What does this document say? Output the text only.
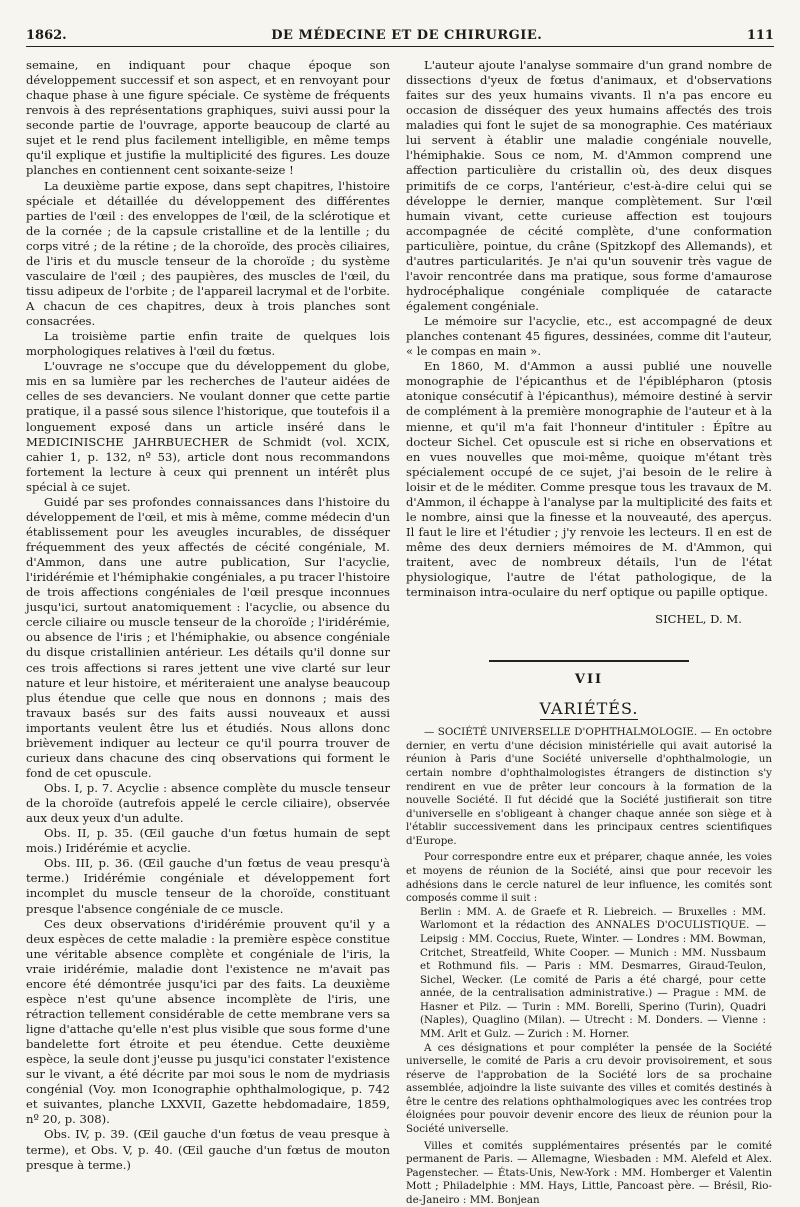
1862.	DE MÉDECINE ET DE CHIRURGIE.	111

semaine, en indiquant pour chaque époque son développement successif et son aspect, et en renvoyant pour chaque phase à une figure spéciale. Ce système de fréquents renvois à des représentations graphiques, suivi aussi pour la seconde partie de l'ouvrage, apporte beaucoup de clarté au sujet et le rend plus facilement intelligible, en même temps qu'il explique et justifie la multiplicité des figures. Les douze planches en contiennent cent soixante-seize !

La deuxième partie expose, dans sept chapitres, l'histoire spéciale et détaillée du développement des différentes parties de l'œil : des enveloppes de l'œil, de la sclérotique et de la cornée ; de la capsule cristalline et de la lentille ; du corps vitré ; de la rétine ; de la choroïde, des procès ciliaires, de l'iris et du muscle tenseur de la choroïde ; du système vasculaire de l'œil ; des paupières, des muscles de l'œil, du tissu adipeux de l'orbite ; de l'appareil lacrymal et de l'orbite. A chacun de ces chapitres, deux à trois planches sont consacrées.

La troisième partie enfin traite de quelques lois morphologiques relatives à l'œil du fœtus.

L'ouvrage ne s'occupe que du développement du globe, mis en sa lumière par les recherches de l'auteur aidées de celles de ses devanciers. Ne voulant donner que cette partie pratique, il a passé sous silence l'historique, que toutefois il a longuement exposé dans un article inséré dans le MEDICINISCHE JAHRBUECHER de Schmidt (vol. XCIX, cahier 1, p. 132, nº 53), article dont nous recommandons fortement la lecture à ceux qui prennent un intérêt plus spécial à ce sujet.

Guidé par ses profondes connaissances dans l'histoire du développement de l'œil, et mis à même, comme médecin d'un établissement pour les aveugles incurables, de disséquer fréquemment des yeux affectés de cécité congéniale, M. d'Ammon, dans une autre publication, Sur l'acyclie, l'iridérémie et l'hémiphakie congéniales, a pu tracer l'histoire de trois affections congéniales de l'œil presque inconnues jusqu'ici, surtout anatomiquement : l'acyclie, ou absence du cercle ciliaire ou muscle tenseur de la choroïde ; l'iridérémie, ou absence de l'iris ; et l'hémiphakie, ou absence congéniale du disque cristallinien antérieur. Les détails qu'il donne sur ces trois affections si rares jettent une vive clarté sur leur nature et leur histoire, et mériteraient une analyse beaucoup plus étendue que celle que nous en donnons ; mais des travaux basés sur des faits aussi nouveaux et aussi importants veulent être lus et étudiés. Nous allons donc brièvement indiquer au lecteur ce qu'il pourra trouver de curieux dans chacune des cinq observations qui forment le fond de cet opuscule.

Obs. I, p. 7. Acyclie : absence complète du muscle tenseur de la choroïde (autrefois appelé le cercle ciliaire), observée aux deux yeux d'un adulte.

Obs. II, p. 35. (Œil gauche d'un fœtus humain de sept mois.) Iridérémie et acyclie.

Obs. III, p. 36. (Œil gauche d'un fœtus de veau presqu'à terme.) Iridérémie congéniale et développement fort incomplet du muscle tenseur de la choroïde, constituant presque l'absence congéniale de ce muscle.

Ces deux observations d'iridérémie prouvent qu'il y a deux espèces de cette maladie : la première espèce constitue une véritable absence complète et congéniale de l'iris, la vraie iridérémie, maladie dont l'existence ne m'avait pas encore été démontrée jusqu'ici par des faits. La deuxième espèce n'est qu'une absence incomplète de l'iris, une rétraction tellement considérable de cette membrane vers sa ligne d'attache qu'elle n'est plus visible que sous forme d'une bandelette fort étroite et peu étendue. Cette deuxième espèce, la seule dont j'eusse pu jusqu'ici constater l'existence sur le vivant, a été décrite par moi sous le nom de mydriasis congénial (Voy. mon Iconographie ophthalmologique, p. 742 et suivantes, planche LXXVII, Gazette hebdomadaire, 1859, nº 20, p. 308).

Obs. IV, p. 39. (Œil gauche d'un fœtus de veau presque à terme), et Obs. V, p. 40. (Œil gauche d'un fœtus de mouton presque à terme.)

L'auteur ajoute l'analyse sommaire d'un grand nombre de dissections d'yeux de fœtus d'animaux, et d'observations faites sur des yeux humains vivants. Il n'a pas encore eu occasion de disséquer des yeux humains affectés des trois maladies qui font le sujet de sa monographie. Ces matériaux lui servent à établir une maladie congéniale nouvelle, l'hémiphakie. Sous ce nom, M. d'Ammon comprend une affection particulière du cristallin où, des deux disques primitifs de ce corps, l'antérieur, c'est-à-dire celui qui se développe le dernier, manque complètement. Sur l'œil humain vivant, cette curieuse affection est toujours accompagnée de cécité complète, d'une conformation particulière, pointue, du crâne (Spitzkopf des Allemands), et d'autres particularités. Je n'ai qu'un souvenir très vague de l'avoir rencontrée dans ma pratique, sous forme d'amaurose hydrocéphalique congéniale compliquée de cataracte également congéniale.

Le mémoire sur l'acyclie, etc., est accompagné de deux planches contenant 45 figures, dessinées, comme dit l'auteur, « le compas en main ».

En 1860, M. d'Ammon a aussi publié une nouvelle monographie de l'épicanthus et de l'épiblépharon (ptosis atonique consécutif à l'épicanthus), mémoire destiné à servir de complément à la première monographie de l'auteur et à la mienne, et qu'il m'a fait l'honneur d'intituler : Épître au docteur Sichel. Cet opuscule est si riche en observations et en vues nouvelles que moi-même, quoique m'étant très spécialement occupé de ce sujet, j'ai besoin de le relire à loisir et de le méditer. Comme presque tous les travaux de M. d'Ammon, il échappe à l'analyse par la multiplicité des faits et le nombre, ainsi que la finesse et la nouveauté, des aperçus. Il faut le lire et l'étudier ; j'y renvoie les lecteurs. Il en est de même des deux derniers mémoires de M. d'Ammon, qui traitent, avec de nombreux détails, l'un de l'état physiologique, l'autre de l'état pathologique, de la terminaison intra-oculaire du nerf optique ou papille optique.

SICHEL, D. M.
VII
VARIÉTÉS.

— SOCIÉTÉ UNIVERSELLE D'OPHTHALMOLOGIE. — En octobre dernier, en vertu d'une décision ministérielle qui avait autorisé la réunion à Paris d'une Société universelle d'ophthalmologie, un certain nombre d'ophthalmologistes étrangers de distinction s'y rendirent en vue de prêter leur concours à la formation de la nouvelle Société. Il fut décidé que la Société justifierait son titre d'universelle en s'obligeant à changer chaque année son siège et à l'établir successivement dans les principaux centres scientifiques d'Europe.

Pour correspondre entre eux et préparer, chaque année, les voies et moyens de réunion de la Société, ainsi que pour recevoir les adhésions dans le cercle naturel de leur influence, les comités sont composés comme il suit :

Berlin : MM. A. de Graefe et R. Liebreich. — Bruxelles : MM. Warlomont et la rédaction des ANNALES D'OCULISTIQUE. — Leipsig : MM. Coccius, Ruete, Winter. — Londres : MM. Bowman, Critchet, Streatfeild, White Cooper. — Munich : MM. Nussbaum et Rothmund fils. — Paris : MM. Desmarres, Giraud-Teulon, Sichel, Wecker. (Le comité de Paris a été chargé, pour cette année, de la centralisation administrative.) — Prague : MM. de Hasner et Pilz. — Turin : MM. Borelli, Sperino (Turin), Quadri (Naples), Quaglino (Milan). — Utrecht : M. Donders. — Vienne : MM. Arlt et Gulz. — Zurich : M. Horner.

A ces désignations et pour compléter la pensée de la Société universelle, le comité de Paris a cru devoir provisoirement, et sous réserve de l'approbation de la Société lors de sa prochaine assemblée, adjoindre la liste suivante des villes et comités destinés à être le centre des relations ophthalmologiques avec les contrées trop éloignées pour pouvoir devenir encore des lieux de réunion pour la Société universelle.

Villes et comités supplémentaires présentés par le comité permanent de Paris. — Allemagne, Wiesbaden : MM. Alefeld et Alex. Pagenstecher. — États-Unis, New-York : MM. Homberger et Valentin Mott ; Philadelphie : MM. Hays, Little, Pancoast père. — Brésil, Rio-de-Janeiro : MM. Bonjean
